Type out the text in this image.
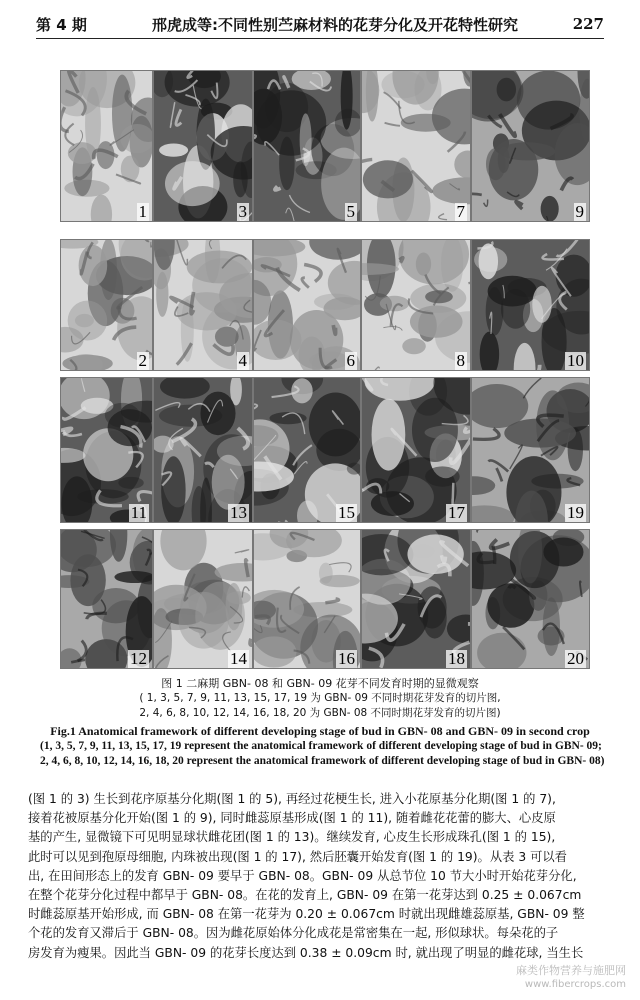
第 4 期	邢虎成等:不同性别苎麻材料的花芽分化及开花特性研究	227
1	3	5	7	9
2	4	6	8	10
11	13	15	17	19
12	14	16	18	20
图 1 二麻期 GBN- 08 和 GBN- 09 花芽不同发育时期的显微观察
( 1, 3, 5, 7, 9, 11, 13, 15, 17, 19 为 GBN- 09 不同时期花芽发育的切片图,
2, 4, 6, 8, 10, 12, 14, 16, 18, 20 为 GBN- 08 不同时期花芽发育的切片图)
Fig.1 Anatomical framework of different developing stage of bud in GBN- 08 and GBN- 09 in second crop
(1, 3, 5, 7, 9, 11, 13, 15, 17, 19 represent the anatomical framework of different developing stage of bud in GBN- 09;
2, 4, 6, 8, 10, 12, 14, 16, 18, 20 represent the anatomical framework of different developing stage of bud in GBN- 08)

(图 1 的 3) 生长到花序原基分化期(图 1 的 5), 再经过花梗生长, 进入小花原基分化期(图 1 的 7),

接着花被原基分化开始(图 1 的 9), 同时雌蕊原基形成(图 1 的 11), 随着雌花花蕾的膨大、心皮原

基的产生, 显微镜下可见明显球状雌花团(图 1 的 13)。继续发育, 心皮生长形成珠孔(图 1 的 15),

此时可以见到孢原母细胞, 内珠被出现(图 1 的 17), 然后胚囊开始发育(图 1 的 19)。从表 3 可以看

出, 在田间形态上的发育 GBN- 09 要早于 GBN- 08。GBN- 09 从总节位 10 节大小时开始花芽分化,

在整个花芽分化过程中都早于 GBN- 08。在花的发育上, GBN- 09 在第一花芽达到 0.25 ± 0.067cm

时雌蕊原基开始形成, 而 GBN- 08 在第一花芽为 0.20 ± 0.067cm 时就出现雌雄蕊原基, GBN- 09 整

个花的发育又滞后于 GBN- 08。因为雌花原始体分化成花是常密集在一起, 形似球状。每朵花的子

房发育为瘦果。因此当 GBN- 09 的花芽长度达到 0.38 ± 0.09cm 时, 就出现了明显的雌花球, 当生长

麻类作物营养与施肥网
www.fibercrops.com
